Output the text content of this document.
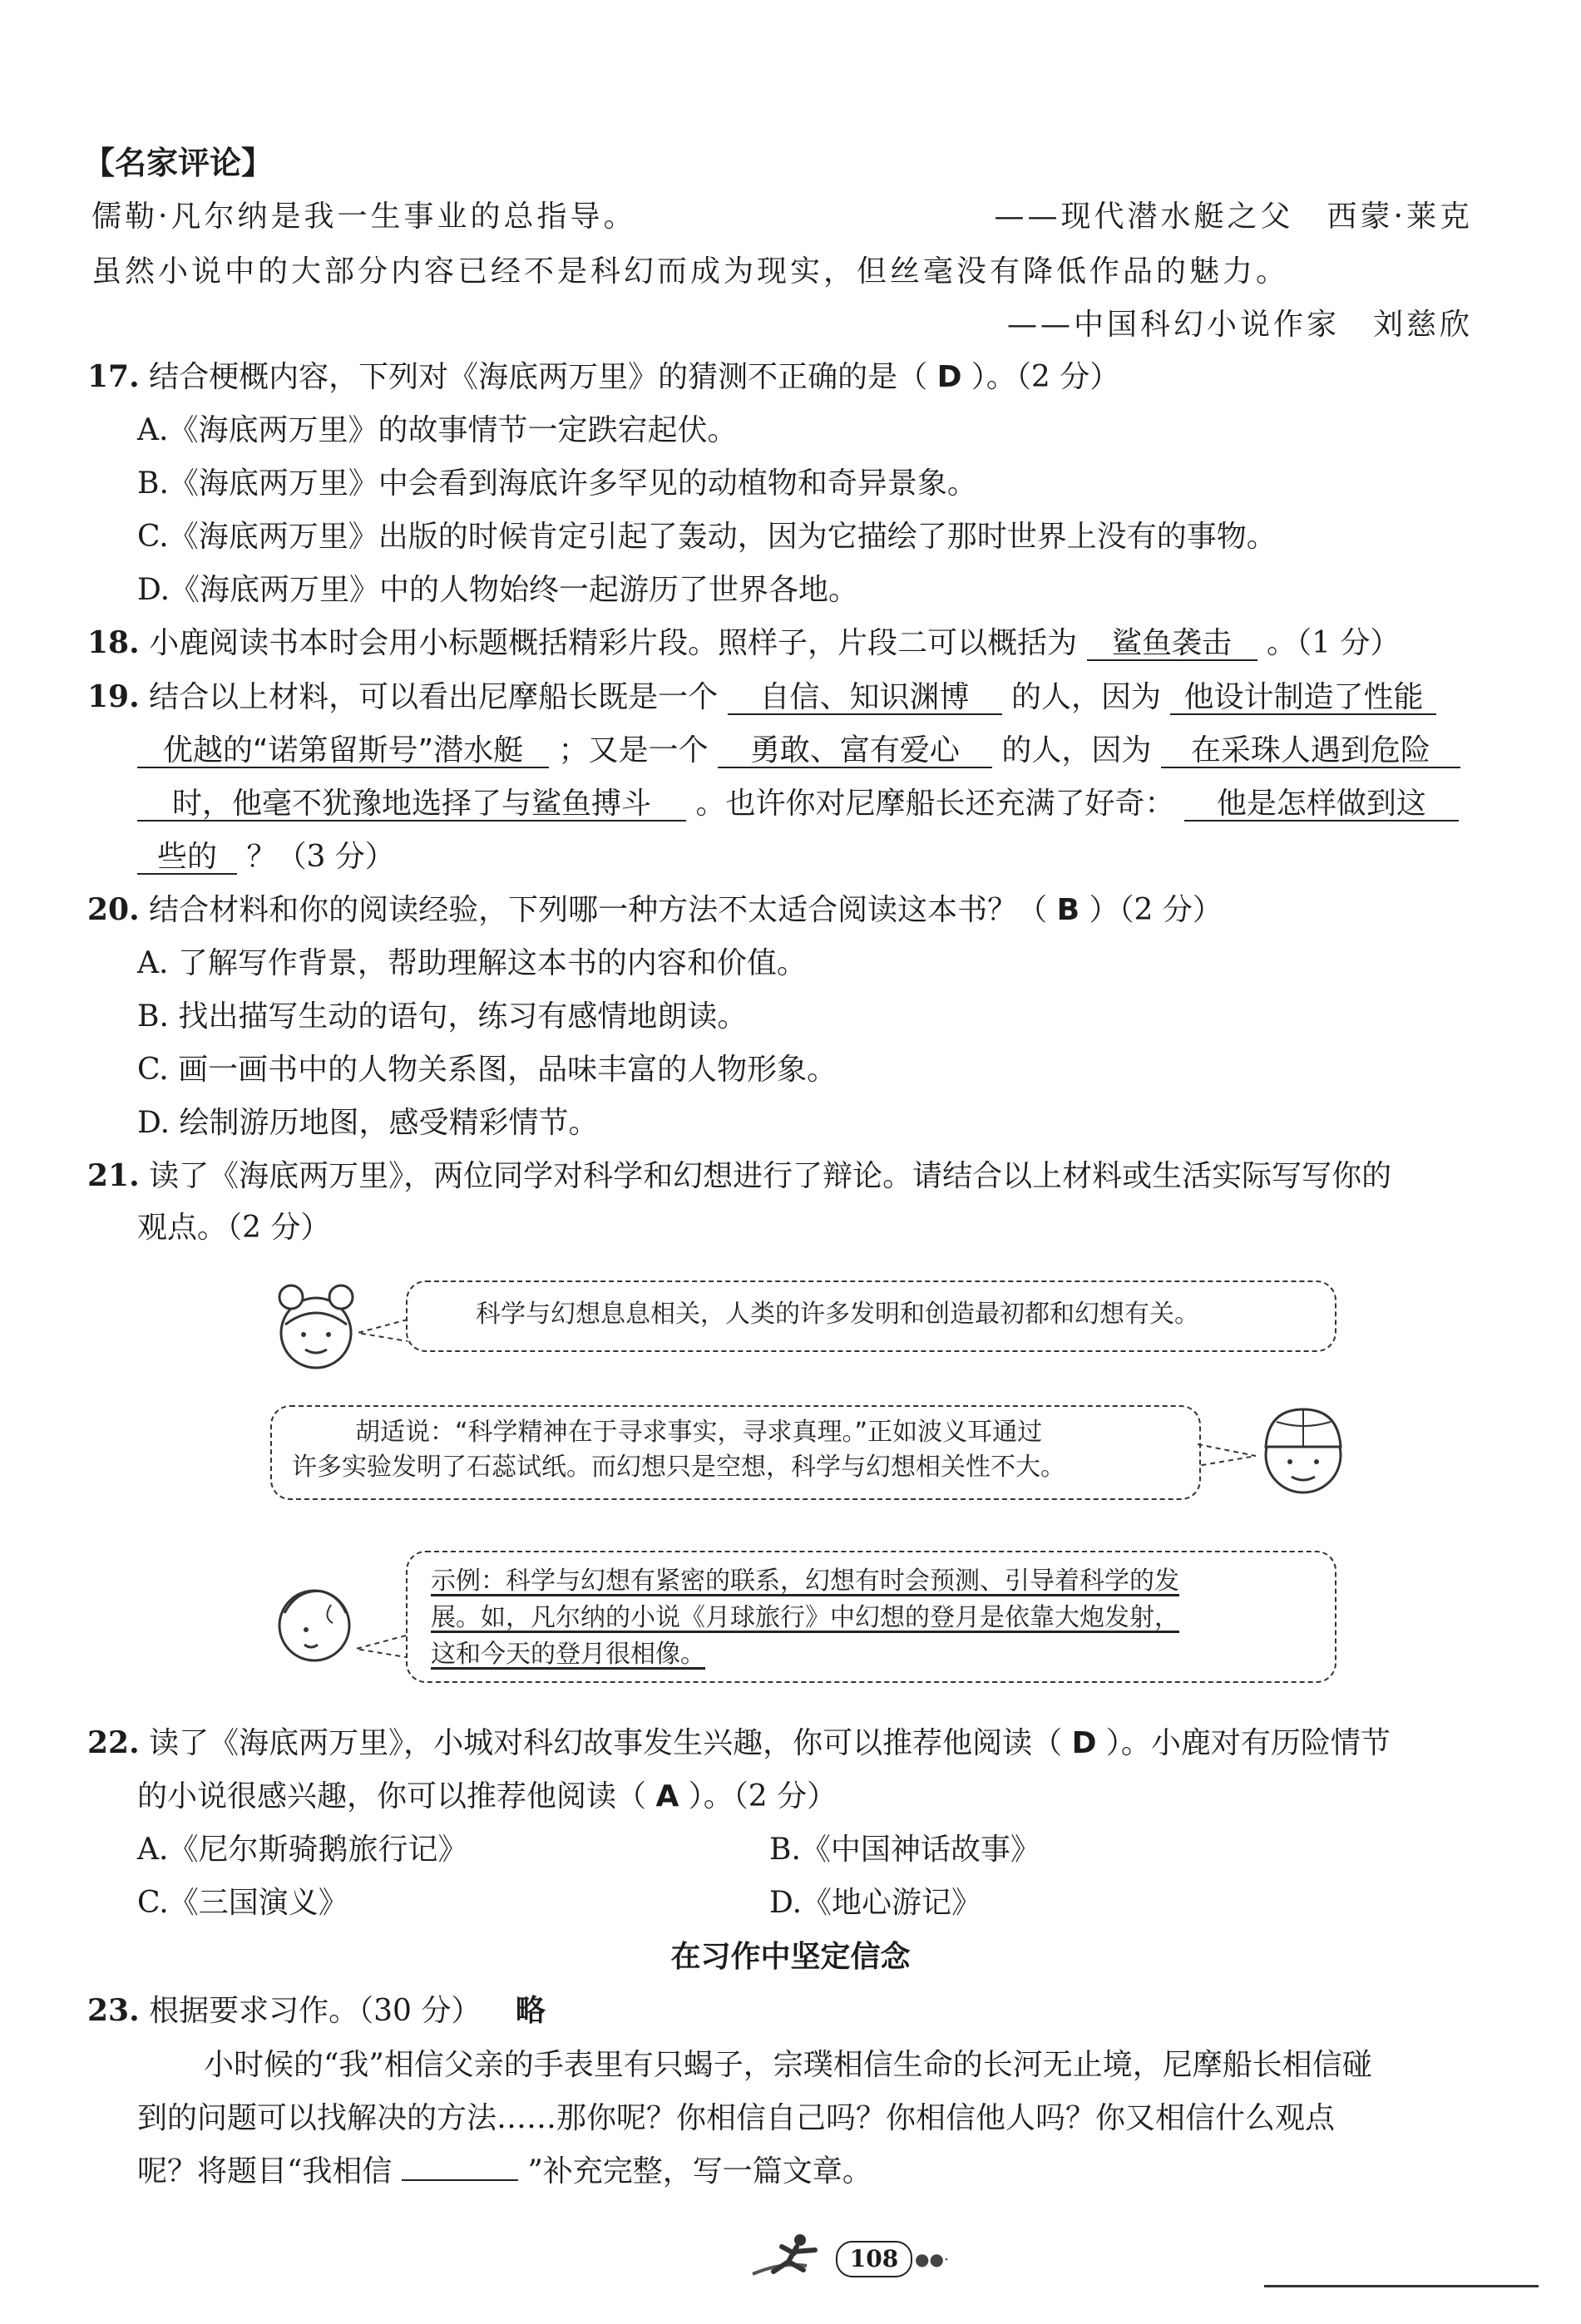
【名家评论】
儒勒·凡尔纳是我一生事业的总指导。	——现代潜水艇之父　西蒙·莱克
虽然小说中的大部分内容已经不是科幻而成为现实，但丝毫没有降低作品的魅力。
——中国科幻小说作家　刘慈欣
17. 结合梗概内容，下列对《海底两万里》的猜测不正确的是（ D ）。（2 分）
A.《海底两万里》的故事情节一定跌宕起伏。
B.《海底两万里》中会看到海底许多罕见的动植物和奇异景象。
C.《海底两万里》出版的时候肯定引起了轰动，因为它描绘了那时世界上没有的事物。
D.《海底两万里》中的人物始终一起游历了世界各地。
18. 小鹿阅读书本时会用小标题概括精彩片段。照样子，片段二可以概括为 鲨鱼袭击 。（1 分）
19. 结合以上材料，可以看出尼摩船长既是一个 自信、知识渊博 的人，因为 他设计制造了性能
优越的“诺第留斯号”潜水艇 ；又是一个 勇敢、富有爱心 的人，因为 在采珠人遇到危险
时，他毫不犹豫地选择了与鲨鱼搏斗 。也许你对尼摩船长还充满了好奇： 他是怎样做到这
些的 ？（3 分）
20. 结合材料和你的阅读经验，下列哪一种方法不太适合阅读这本书？（ B ）（2 分）
A. 了解写作背景，帮助理解这本书的内容和价值。
B. 找出描写生动的语句，练习有感情地朗读。
C. 画一画书中的人物关系图，品味丰富的人物形象。
D. 绘制游历地图，感受精彩情节。
21. 读了《海底两万里》，两位同学对科学和幻想进行了辩论。请结合以上材料或生活实际写写你的
观点。（2 分）
科学与幻想息息相关，人类的许多发明和创造最初都和幻想有关。
胡适说：“科学精神在于寻求事实，寻求真理。”正如波义耳通过
许多实验发明了石蕊试纸。而幻想只是空想，科学与幻想相关性不大。
示例：科学与幻想有紧密的联系，幻想有时会预测、引导着科学的发
展。如，凡尔纳的小说《月球旅行》中幻想的登月是依靠大炮发射，
这和今天的登月很相像。
22. 读了《海底两万里》，小城对科幻故事发生兴趣，你可以推荐他阅读（ D ）。小鹿对有历险情节
的小说很感兴趣，你可以推荐他阅读（ A ）。（2 分）
A.《尼尔斯骑鹅旅行记》	B.《中国神话故事》
C.《三国演义》	D.《地心游记》
在习作中坚定信念
23. 根据要求习作。（30 分） 略
小时候的“我”相信父亲的手表里有只蝎子，宗璞相信生命的长河无止境，尼摩船长相信碰
到的问题可以找解决的方法……那你呢？你相信自己吗？你相信他人吗？你又相信什么观点
呢？将题目“我相信	”补充完整，写一篇文章。
108 ●●·
